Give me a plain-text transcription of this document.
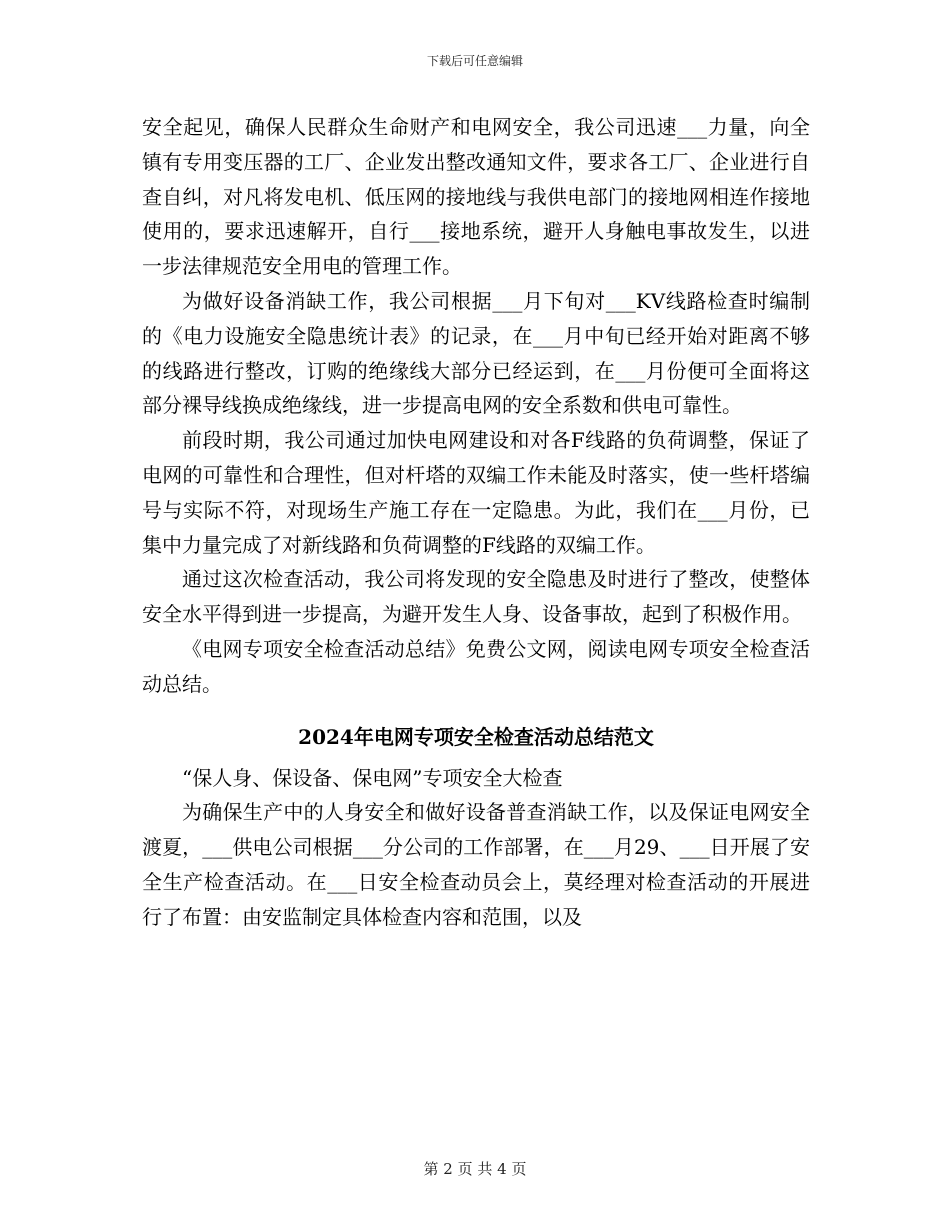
下载后可任意编辑

安全起见，确保人民群众生命财产和电网安全，我公司迅速___力量，向全镇有专用变压器的工厂、企业发出整改通知文件，要求各工厂、企业进行自查自纠，对凡将发电机、低压网的接地线与我供电部门的接地网相连作接地使用的，要求迅速解开，自行___接地系统，避开人身触电事故发生，以进一步法律规范安全用电的管理工作。

为做好设备消缺工作，我公司根据___月下旬对___KV线路检查时编制的《电力设施安全隐患统计表》的记录，在___月中旬已经开始对距离不够的线路进行整改，订购的绝缘线大部分已经运到，在___月份便可全面将这部分裸导线换成绝缘线，进一步提高电网的安全系数和供电可靠性。

前段时期，我公司通过加快电网建设和对各F线路的负荷调整，保证了电网的可靠性和合理性，但对杆塔的双编工作未能及时落实，使一些杆塔编号与实际不符，对现场生产施工存在一定隐患。为此，我们在___月份，已集中力量完成了对新线路和负荷调整的F线路的双编工作。

通过这次检查活动，我公司将发现的安全隐患及时进行了整改，使整体安全水平得到进一步提高，为避开发生人身、设备事故，起到了积极作用。

《电网专项安全检查活动总结》免费公文网，阅读电网专项安全检查活动总结。

2024年电网专项安全检查活动总结范文

“保人身、保设备、保电网”专项安全大检查

为确保生产中的人身安全和做好设备普查消缺工作，以及保证电网安全渡夏，___供电公司根据___分公司的工作部署，在___月29、___日开展了安全生产检查活动。在___日安全检查动员会上，莫经理对检查活动的开展进行了布置：由安监制定具体检查内容和范围，以及

第 2 页 共 4 页
